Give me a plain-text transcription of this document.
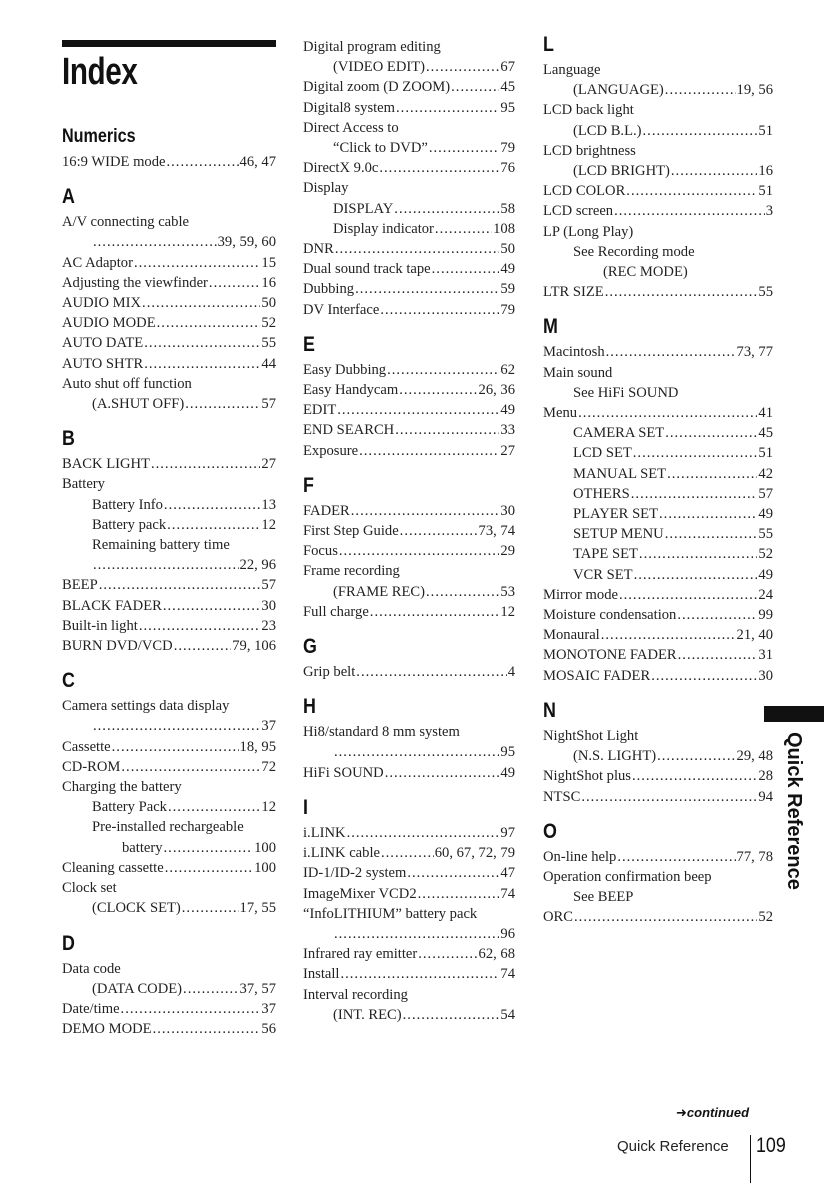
Index
Numerics
16:9 WIDE mode .....	46, 47
A
A/V connecting cable
.....
39, 59, 60
AC Adaptor .....	15
Adjusting the viewfinder .....	16
AUDIO MIX .....	50
AUDIO MODE .....	52
AUTO DATE .....	55
AUTO SHTR .....	44
Auto shut off function
(A.SHUT OFF) .....	57
B
BACK LIGHT .....	27
Battery
Battery Info .....	13
Battery pack .....	12
Remaining battery time
.....
22, 96
BEEP .....	57
BLACK FADER .....	30
Built-in light .....	23
BURN DVD/VCD .....	79, 106
C
Camera settings data display
.....
37
Cassette .....	18, 95
CD-ROM .....	72
Charging the battery
Battery Pack .....	12
Pre-installed rechargeable
battery .....	100
Cleaning cassette .....	100
Clock set
(CLOCK SET) .....	17, 55
D
Data code
(DATA CODE) .....	37, 57
Date/time .....	37
DEMO MODE .....	56
Digital program editing
(VIDEO EDIT) .....	67
Digital zoom (D ZOOM) .....	45
Digital8 system .....	95
Direct Access to
“Click to DVD” .....	79
DirectX 9.0c .....	76
Display
DISPLAY .....	58
Display indicator .....	108
DNR .....	50
Dual sound track tape .....	49
Dubbing .....	59
DV Interface .....	79
E
Easy Dubbing .....	62
Easy Handycam .....	26, 36
EDIT .....	49
END SEARCH .....	33
Exposure .....	27
F
FADER .....	30
First Step Guide .....	73, 74
Focus .....	29
Frame recording
(FRAME REC) .....	53
Full charge .....	12
G
Grip belt .....	4
H
Hi8/standard 8 mm system
.....
95
HiFi SOUND .....	49
I
i.LINK .....	97
i.LINK cable .....	60, 67, 72, 79
ID-1/ID-2 system .....	47
ImageMixer VCD2 .....	74
“InfoLITHIUM” battery pack
.....
96
Infrared ray emitter .....	62, 68
Install .....	74
Interval recording
(INT. REC) .....	54
L
Language
(LANGUAGE) .....	19, 56
LCD back light
(LCD B.L.) .....	51
LCD brightness
(LCD BRIGHT) .....	16
LCD COLOR .....	51
LCD screen .....	3
LP (Long Play)
See Recording mode
(REC MODE)
LTR SIZE .....	55
M
Macintosh .....	73, 77
Main sound
See HiFi SOUND
Menu .....	41
CAMERA SET .....	45
LCD SET .....	51
MANUAL SET .....	42
OTHERS .....	57
PLAYER SET .....	49
SETUP MENU .....	55
TAPE SET .....	52
VCR SET .....	49
Mirror mode .....	24
Moisture condensation .....	99
Monaural .....	21, 40
MONOTONE FADER .....	31
MOSAIC FADER .....	30
N
NightShot Light
(N.S. LIGHT) .....	29, 48
NightShot plus .....	28
NTSC .....	94
O
On-line help .....	77, 78
Operation confirmation beep
See BEEP
ORC .....	52
Quick Reference
➜continued
Quick Reference 109
